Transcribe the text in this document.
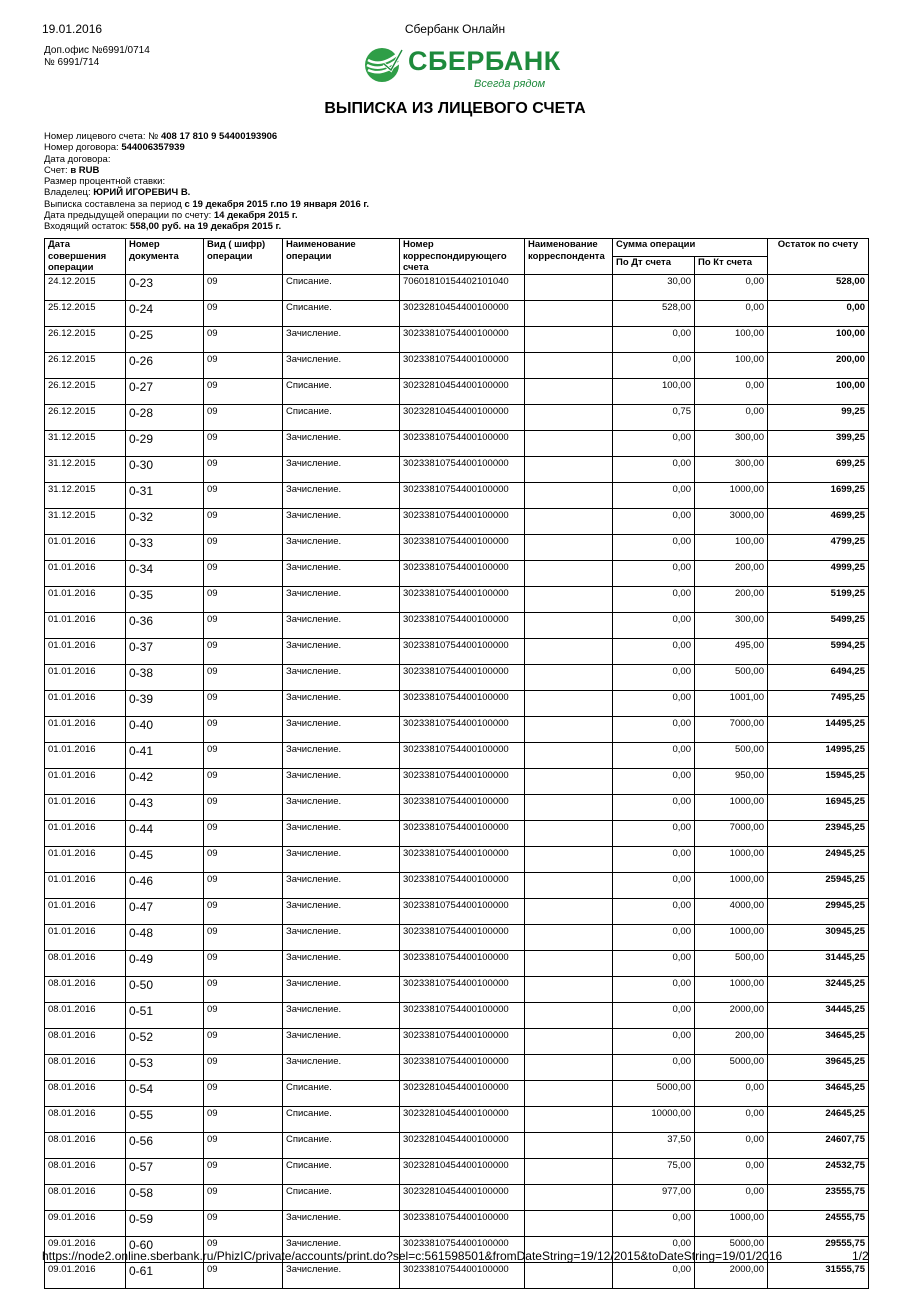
19.01.2016	Сбербанк Онлайн
Доп.офис №6991/0714
№ 6991/714	СБЕРБАНК
Всегда рядом
ВЫПИСКА ИЗ ЛИЦЕВОГО СЧЕТА
Номер лицевого счета: № 408 17 810 9 54400193906
Номер договора: 544006357939
Дата договора:
Счет: в RUB
Размер процентной ставки:
Владелец: ЮРИЙ ИГОРЕВИЧ В.
Выписка составлена за период с 19 декабря 2015 г.по 19 января 2016 г.
Дата предыдущей операции по счету: 14 декабря 2015 г.
Входящий остаток: 558,00 руб. на 19 декабря 2015 г.
Дата совершения операции	Номер документа	Вид ( шифр) операции	Наименование операции	Номер корреспондирующего счета	Наименование корреспондента	Сумма операции		Остаток по счету
						По Дт счета	По Кт счета	
24.12.2015	0-23	09	Списание.	70601810154402101040		30,00	0,00	528,00
25.12.2015	0-24	09	Списание.	30232810454400100000		528,00	0,00	0,00
26.12.2015	0-25	09	Зачисление.	30233810754400100000		0,00	100,00	100,00
26.12.2015	0-26	09	Зачисление.	30233810754400100000		0,00	100,00	200,00
26.12.2015	0-27	09	Списание.	30232810454400100000		100,00	0,00	100,00
26.12.2015	0-28	09	Списание.	30232810454400100000		0,75	0,00	99,25
31.12.2015	0-29	09	Зачисление.	30233810754400100000		0,00	300,00	399,25
31.12.2015	0-30	09	Зачисление.	30233810754400100000		0,00	300,00	699,25
31.12.2015	0-31	09	Зачисление.	30233810754400100000		0,00	1000,00	1699,25
31.12.2015	0-32	09	Зачисление.	30233810754400100000		0,00	3000,00	4699,25
01.01.2016	0-33	09	Зачисление.	30233810754400100000		0,00	100,00	4799,25
01.01.2016	0-34	09	Зачисление.	30233810754400100000		0,00	200,00	4999,25
01.01.2016	0-35	09	Зачисление.	30233810754400100000		0,00	200,00	5199,25
01.01.2016	0-36	09	Зачисление.	30233810754400100000		0,00	300,00	5499,25
01.01.2016	0-37	09	Зачисление.	30233810754400100000		0,00	495,00	5994,25
01.01.2016	0-38	09	Зачисление.	30233810754400100000		0,00	500,00	6494,25
01.01.2016	0-39	09	Зачисление.	30233810754400100000		0,00	1001,00	7495,25
01.01.2016	0-40	09	Зачисление.	30233810754400100000		0,00	7000,00	14495,25
01.01.2016	0-41	09	Зачисление.	30233810754400100000		0,00	500,00	14995,25
01.01.2016	0-42	09	Зачисление.	30233810754400100000		0,00	950,00	15945,25
01.01.2016	0-43	09	Зачисление.	30233810754400100000		0,00	1000,00	16945,25
01.01.2016	0-44	09	Зачисление.	30233810754400100000		0,00	7000,00	23945,25
01.01.2016	0-45	09	Зачисление.	30233810754400100000		0,00	1000,00	24945,25
01.01.2016	0-46	09	Зачисление.	30233810754400100000		0,00	1000,00	25945,25
01.01.2016	0-47	09	Зачисление.	30233810754400100000		0,00	4000,00	29945,25
01.01.2016	0-48	09	Зачисление.	30233810754400100000		0,00	1000,00	30945,25
08.01.2016	0-49	09	Зачисление.	30233810754400100000		0,00	500,00	31445,25
08.01.2016	0-50	09	Зачисление.	30233810754400100000		0,00	1000,00	32445,25
08.01.2016	0-51	09	Зачисление.	30233810754400100000		0,00	2000,00	34445,25
08.01.2016	0-52	09	Зачисление.	30233810754400100000		0,00	200,00	34645,25
08.01.2016	0-53	09	Зачисление.	30233810754400100000		0,00	5000,00	39645,25
08.01.2016	0-54	09	Списание.	30232810454400100000		5000,00	0,00	34645,25
08.01.2016	0-55	09	Списание.	30232810454400100000		10000,00	0,00	24645,25
08.01.2016	0-56	09	Списание.	30232810454400100000		37,50	0,00	24607,75
08.01.2016	0-57	09	Списание.	30232810454400100000		75,00	0,00	24532,75
08.01.2016	0-58	09	Списание.	30232810454400100000		977,00	0,00	23555,75
09.01.2016	0-59	09	Зачисление.	30233810754400100000		0,00	1000,00	24555,75
09.01.2016	0-60	09	Зачисление.	30233810754400100000		0,00	5000,00	29555,75
09.01.2016	0-61	09	Зачисление.	30233810754400100000		0,00	2000,00	31555,75
https://node2.online.sberbank.ru/PhizIC/private/accounts/print.do?sel=c:561598501&fromDateString=19/12/2015&toDateString=19/01/2016	1/2
